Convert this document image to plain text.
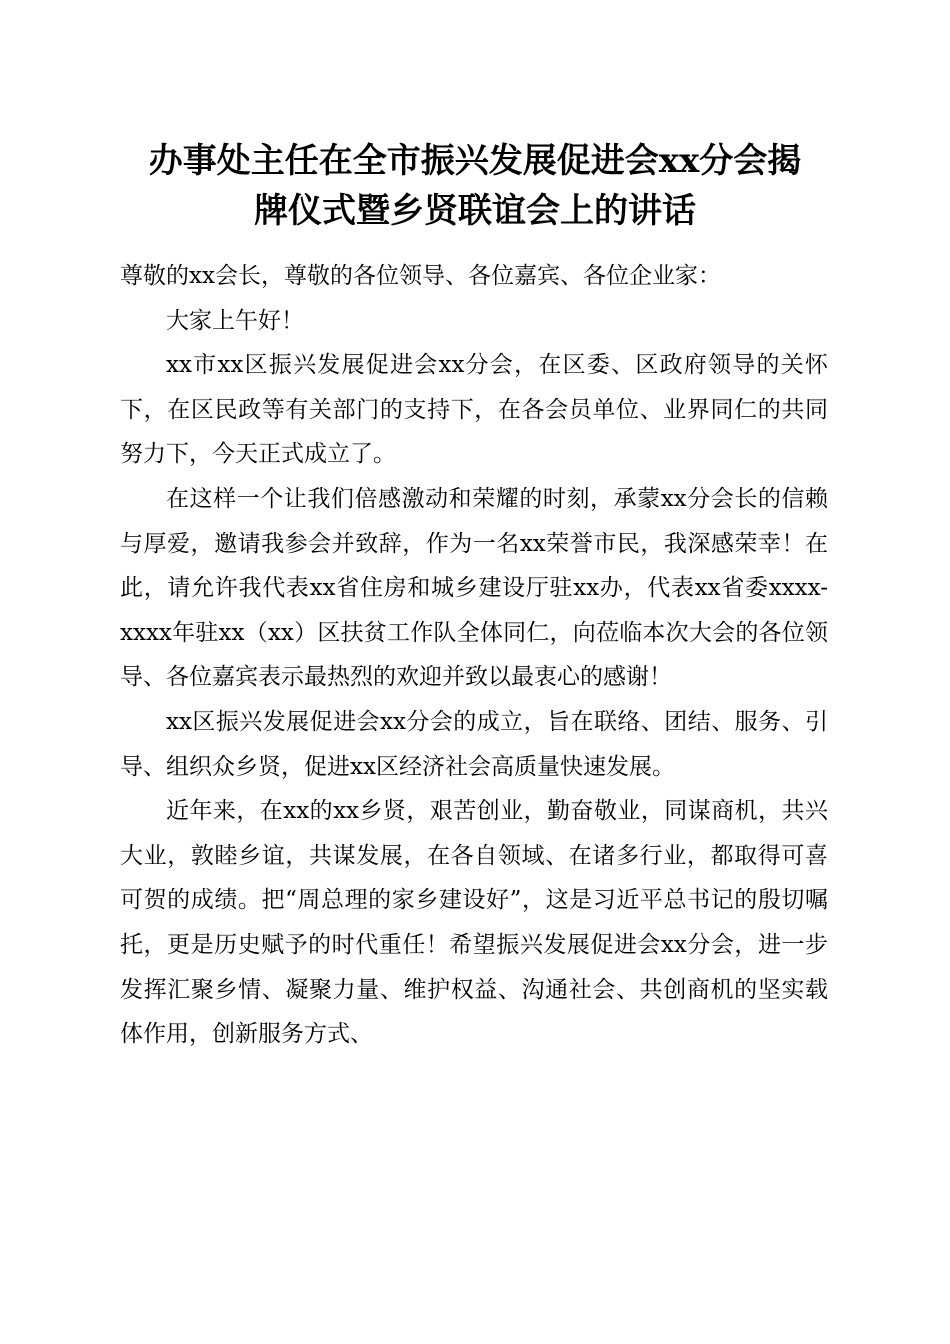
办事处主任在全市振兴发展促进会xx分会揭
牌仪式暨乡贤联谊会上的讲话

尊敬的xx会长，尊敬的各位领导、各位嘉宾、各位企业家：

大家上午好！

xx市xx区振兴发展促进会xx分会，在区委、区政府领导的关怀下，在区民政等有关部门的支持下，在各会员单位、业界同仁的共同努力下，今天正式成立了。

在这样一个让我们倍感激动和荣耀的时刻，承蒙xx分会长的信赖与厚爱，邀请我参会并致辞，作为一名xx荣誉市民，我深感荣幸！在此，请允许我代表xx省住房和城乡建设厅驻xx办，代表xx省委xxxx-xxxx年驻xx（xx）区扶贫工作队全体同仁，向莅临本次大会的各位领导、各位嘉宾表示最热烈的欢迎并致以最衷心的感谢！

xx区振兴发展促进会xx分会的成立，旨在联络、团结、服务、引导、组织众乡贤，促进xx区经济社会高质量快速发展。

近年来，在xx的xx乡贤，艰苦创业，勤奋敬业，同谋商机，共兴大业，敦睦乡谊，共谋发展，在各自领域、在诸多行业，都取得可喜可贺的成绩。把“周总理的家乡建设好”，这是习近平总书记的殷切嘱托，更是历史赋予的时代重任！希望振兴发展促进会xx分会，进一步发挥汇聚乡情、凝聚力量、维护权益、沟通社会、共创商机的坚实载体作用，创新服务方式、
